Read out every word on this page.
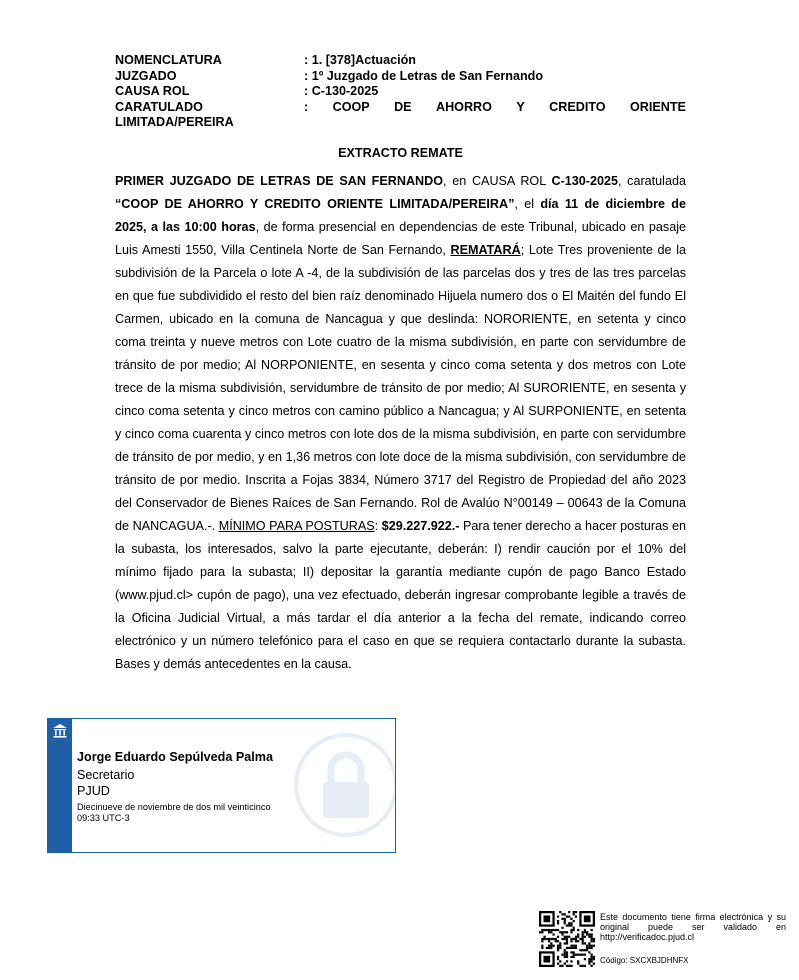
NOMENCLATURA	: 1. [378]Actuación
JUZGADO	: 1º Juzgado de Letras de San Fernando
CAUSA ROL	: C-130-2025
CARATULADO	: COOP DE AHORRO Y CREDITO ORIENTE
LIMITADA/PEREIRA
EXTRACTO REMATE

PRIMER JUZGADO DE LETRAS DE SAN FERNANDO, en CAUSA ROL C-130-2025, caratulada “COOP DE AHORRO Y CREDITO ORIENTE LIMITADA/PEREIRA”, el día 11 de diciembre de 2025, a las 10:00 horas, de forma presencial en dependencias de este Tribunal, ubicado en pasaje Luis Amesti 1550, Villa Centinela Norte de San Fernando, REMATARÁ; Lote Tres proveniente de la subdivisión de la Parcela o lote A -4, de la subdivisión de las parcelas dos y tres de las tres parcelas en que fue subdividido el resto del bien raíz denominado Hijuela numero dos o El Maitén del fundo El Carmen, ubicado en la comuna de Nancagua y que deslinda: NORORIENTE, en setenta y cinco coma treinta y nueve metros con Lote cuatro de la misma subdivisión, en parte con servidumbre de tránsito de por medio; Al NORPONIENTE, en sesenta y cinco coma setenta y dos metros con Lote trece de la misma subdivisión, servidumbre de tránsito de por medio; Al SURORIENTE, en sesenta y cinco coma setenta y cinco metros con camino público a Nancagua; y Al SURPONIENTE, en setenta y cinco coma cuarenta y cinco metros con lote dos de la misma subdivisión, en parte con servidumbre de tránsito de por medio, y en 1,36 metros con lote doce de la misma subdivisión, con servidumbre de tránsito de por medio. Inscrita a Fojas 3834, Número 3717 del Registro de Propiedad del año 2023 del Conservador de Bienes Raíces de San Fernando. Rol de Avalúo N°00149 – 00643 de la Comuna de NANCAGUA.-. MÍNIMO PARA POSTURAS: $29.227.922.- Para tener derecho a hacer posturas en la subasta, los interesados, salvo la parte ejecutante, deberán: I) rendir caución por el 10% del mínimo fijado para la subasta; II) depositar la garantía mediante cupón de pago Banco Estado (www.pjud.cl> cupón de pago), una vez efectuado, deberán ingresar comprobante legible a través de la Oficina Judicial Virtual, a más tardar el día anterior a la fecha del remate, indicando correo electrónico y un número telefónico para el caso en que se requiera contactarlo durante la subasta. Bases y demás antecedentes en la causa.

Jorge Eduardo Sepúlveda Palma
Secretario
PJUD
Diecinueve de noviembre de dos mil veinticinco
09:33 UTC-3
Este documento tiene firma electrónica y su original puede ser validado en http://verificadoc.pjud.cl
Código: SXCXBJDHNFX
